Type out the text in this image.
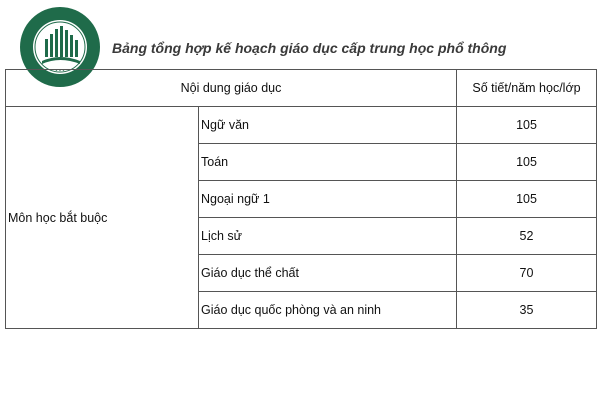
● ● ●
Bảng tổng hợp kế hoạch giáo dục cấp trung học phổ thông
Nội dung giáo dục		Số tiết/năm học/lớp
Môn học bắt buộc	Ngữ văn	105
	Toán	105
	Ngoại ngữ 1	105
	Lịch sử	52
	Giáo dục thể chất	70
	Giáo dục quốc phòng và an ninh	35
